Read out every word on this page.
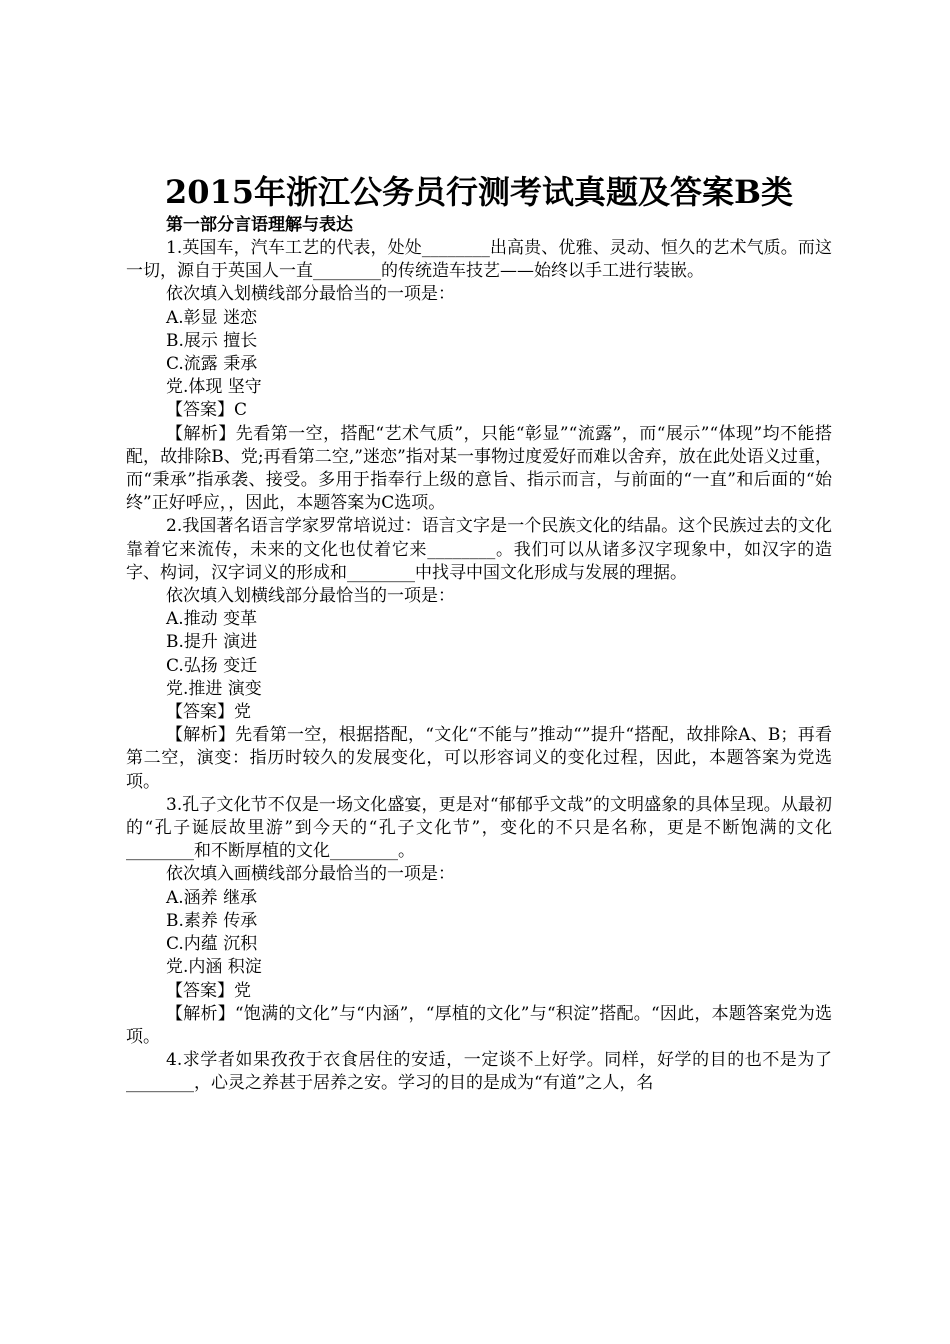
2015年浙江公务员行测考试真题及答案B类

第一部分言语理解与表达

1.英国车，汽车工艺的代表，处处________出高贵、优雅、灵动、恒久的艺术气质。而这一切，源自于英国人一直________的传统造车技艺——始终以手工进行装嵌。

依次填入划横线部分最恰当的一项是：

A.彰显 迷恋

B.展示 擅长

C.流露 秉承

党.体现 坚守

【答案】C

【解析】先看第一空，搭配“艺术气质”，只能“彰显”“流露”，而“展示”“体现”均不能搭配，故排除B、党;再看第二空,”迷恋”指对某一事物过度爱好而难以舍弃，放在此处语义过重，而“秉承”指承袭、接受。多用于指奉行上级的意旨、指示而言，与前面的“一直”和后面的“始终”正好呼应，，因此，本题答案为C选项。

2.我国著名语言学家罗常培说过：语言文字是一个民族文化的结晶。这个民族过去的文化靠着它来流传，未来的文化也仗着它来________。我们可以从诸多汉字现象中，如汉字的造字、构词，汉字词义的形成和________中找寻中国文化形成与发展的理据。

依次填入划横线部分最恰当的一项是：

A.推动 变革

B.提升 演进

C.弘扬 变迁

党.推进 演变

【答案】党

【解析】先看第一空，根据搭配，“文化“不能与”推动“”提升“搭配，故排除A、B；再看第二空，演变：指历时较久的发展变化，可以形容词义的变化过程，因此，本题答案为党选项。

3.孔子文化节不仅是一场文化盛宴，更是对“郁郁乎文哉”的文明盛象的具体呈现。从最初的“孔子诞辰故里游”到今天的“孔子文化节”，变化的不只是名称，更是不断饱满的文化________和不断厚植的文化________。

依次填入画横线部分最恰当的一项是：

A.涵养 继承

B.素养 传承

C.内蕴 沉积

党.内涵 积淀

【答案】党

【解析】“饱满的文化”与“内涵”，“厚植的文化”与“积淀”搭配。“因此，本题答案党为选项。

4.求学者如果孜孜于衣食居住的安适，一定谈不上好学。同样，好学的目的也不是为了________，心灵之养甚于居养之安。学习的目的是成为“有道”之人，名
